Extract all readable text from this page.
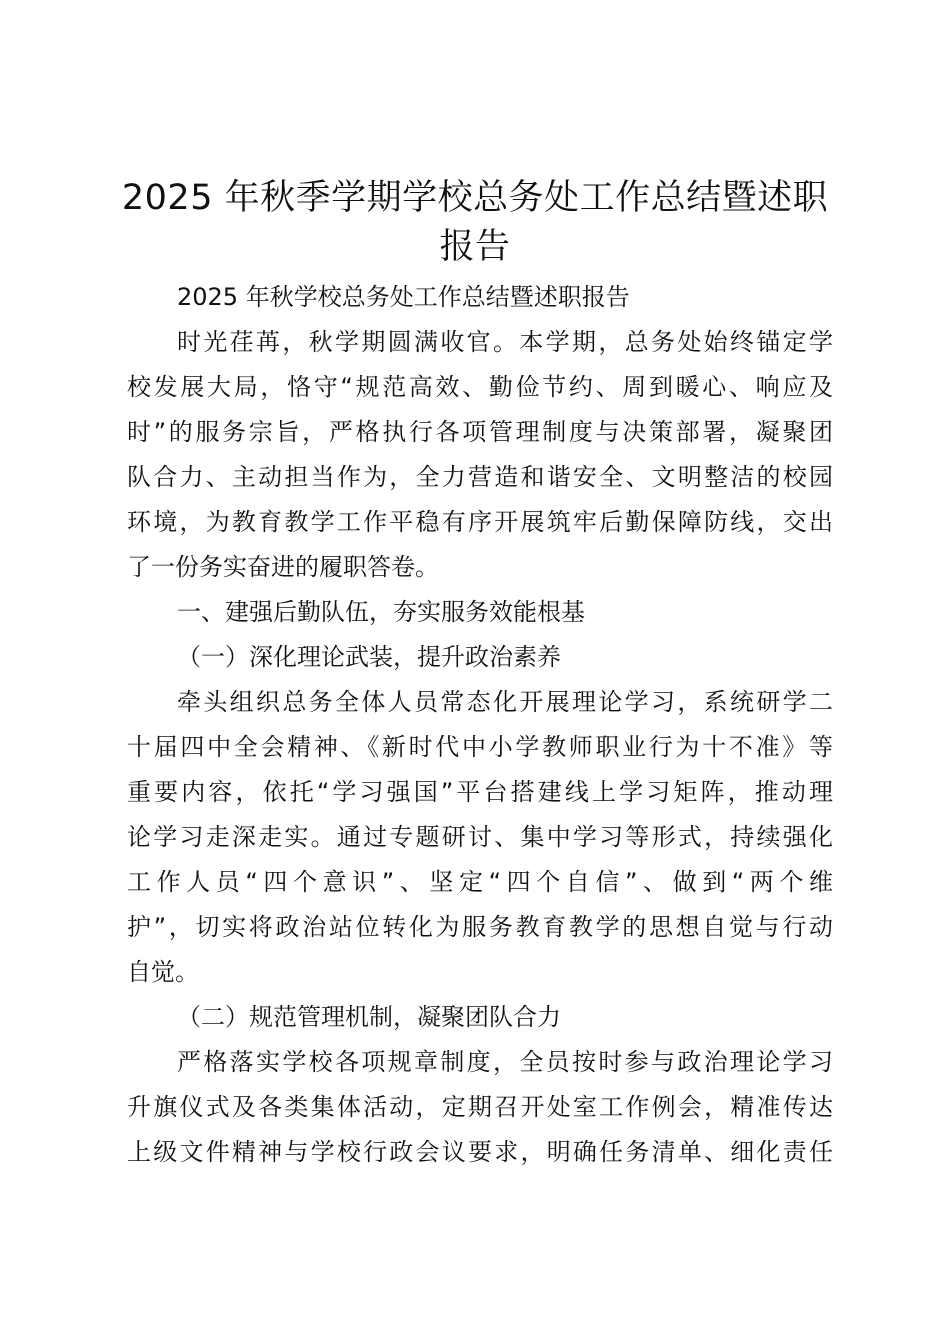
2025 年秋季学期学校总务处工作总结暨述职
报告

2025 年秋学校总务处工作总结暨述职报告

时光荏苒，秋学期圆满收官。本学期，总务处始终锚定学

校发展大局，恪守“规范高效、勤俭节约、周到暖心、响应及

时”的服务宗旨，严格执行各项管理制度与决策部署，凝聚团

队合力、主动担当作为，全力营造和谐安全、文明整洁的校园

环境，为教育教学工作平稳有序开展筑牢后勤保障防线，交出

了一份务实奋进的履职答卷。

一、建强后勤队伍，夯实服务效能根基

（一）深化理论武装，提升政治素养

牵头组织总务全体人员常态化开展理论学习，系统研学二

十届四中全会精神、《新时代中小学教师职业行为十不准》等

重要内容，依托“学习强国”平台搭建线上学习矩阵，推动理

论学习走深走实。通过专题研讨、集中学习等形式，持续强化

工作人员“四个意识”、坚定“四个自信”、做到“两个维

护”，切实将政治站位转化为服务教育教学的思想自觉与行动

自觉。

（二）规范管理机制，凝聚团队合力

严格落实学校各项规章制度，全员按时参与政治理论学习

升旗仪式及各类集体活动，定期召开处室工作例会，精准传达

上级文件精神与学校行政会议要求，明确任务清单、细化责任
